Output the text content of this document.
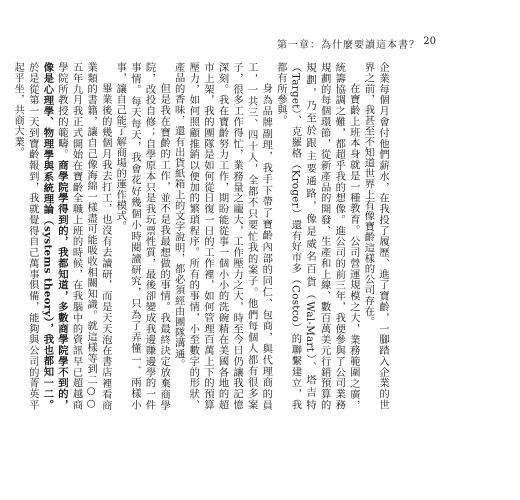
第一章：為什麼要讀這本書？ 20

企業每個月會付他們薪水，在我投了履歷、進了寶齡，一腳踏入企業的世界之前，我甚至不知道世界上有像寶齡這樣的公司存在。

在寶齡上班本身就是一種教育。公司營運規模之大，業務範圍之廣，統籌協調之難，都超乎我的想像。進公司的前三年，我便參與了公司業務規劃的每個環節，從新產品的開發、生產和上線、數百萬美元行銷預算的規劃，乃至於跟主要通路，像是威名百貨（Wal-Mart）、塔吉特（Target）、克羅格（Kroger）還有好市多（Costco）的聯繫建立，我都有所參與。

身為品牌副理，我手下帶了寶齡內部的同仁、包商，與代理商的員工，一共三、四十人，全都不只要忙我的案子。他們每個人都有很多案子，很多工作得忙，業務量之龐大，工作壓力之大，時至今日仍讓我記憶深刻。我在寶齡努力工作，期盼能從事一個小小的洗碗精在美國各地的超市上架，我的團隊是如何從日復一日的工作裡，如何管理百萬上下的預算壓力，如何照顧推銷以便加的繁瑣程序。所有的事情，小至數字的形狀、產品的香味，還有出貨紙箱上的文字說明，都必須經由團隊溝通。

但是我在寶齡的工作，並不是我最想做的事情。我最終決定放棄商學院，改投自修；自學原本只是我玩票性質，最後卻變成我邊賺邊學的一件事情。每天每天，我會花好幾個小時閱讀研究，只為了弄懂一、兩樣小事，讓自己能了解商場的運作模式。

畢業後的幾個月我去打工，也沒有去讀研，而是天天泡在書店裡看商業類的書籍，讓自己像海綿一樣盡可能吸收相關知識。就這樣等到二○○五年九月我正式開始在寶齡全職上班的時候，在我腦中的資訊早已超越商學院所教授的範疇。商學院學得到的，我都知道，多數商學院學不到的，像是心理學、物理學與系統理論（systems theory），我也都知一二。於是從第一天到寶齡報到，我就覺得自己萬事俱備，能夠與公司的菁英平起平坐，共商大業。
